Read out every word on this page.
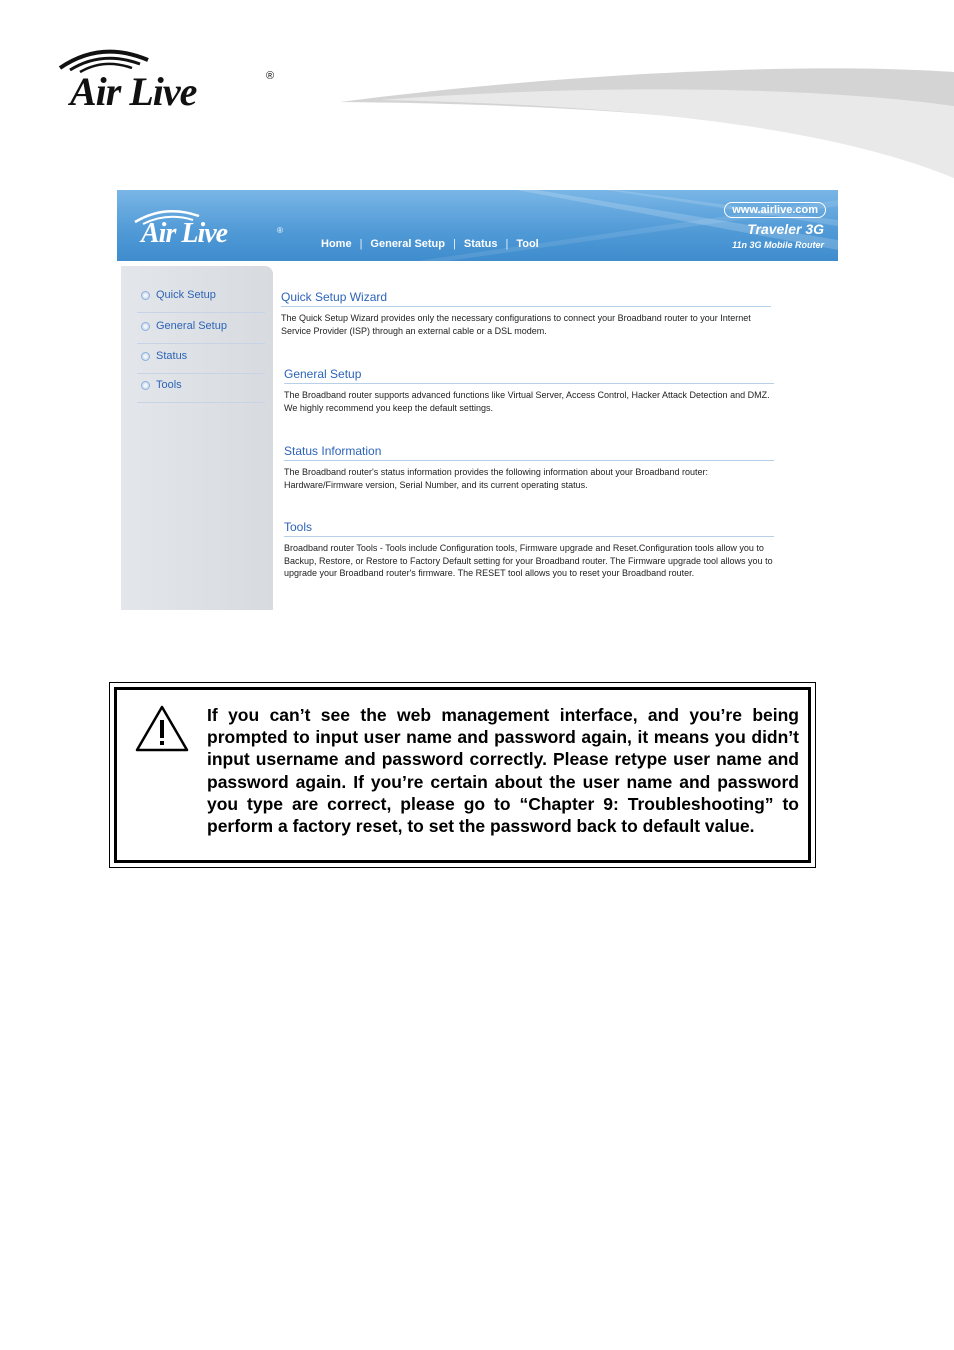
Air Live	®
Air Live	®
Home | General Setup | Status | Tool
www.airlive.com
Traveler 3G
11n 3G Mobile Router
Quick Setup
General Setup
Status
Tools
Quick Setup Wizard
The Quick Setup Wizard provides only the necessary configurations to connect your Broadband router to your Internet Service Provider (ISP) through an external cable or a DSL modem.
General Setup
The Broadband router supports advanced functions like Virtual Server, Access Control, Hacker Attack Detection and DMZ. We highly recommend you keep the default settings.
Status Information
The Broadband router's status information provides the following information about your Broadband router: Hardware/Firmware version, Serial Number, and its current operating status.
Tools
Broadband router Tools - Tools include Configuration tools, Firmware upgrade and Reset.Configuration tools allow you to Backup, Restore, or Restore to Factory Default setting for your Broadband router. The Firmware upgrade tool allows you to upgrade your Broadband router's firmware. The RESET tool allows you to reset your Broadband router.
If you can’t see the web management interface, and you’re being prompted to input user name and password again, it means you didn’t input username and password correctly. Please retype user name and password again. If you’re certain about the user name and password you type are correct, please go to “Chapter 9: Troubleshooting” to perform a factory reset, to set the password back to default value.
